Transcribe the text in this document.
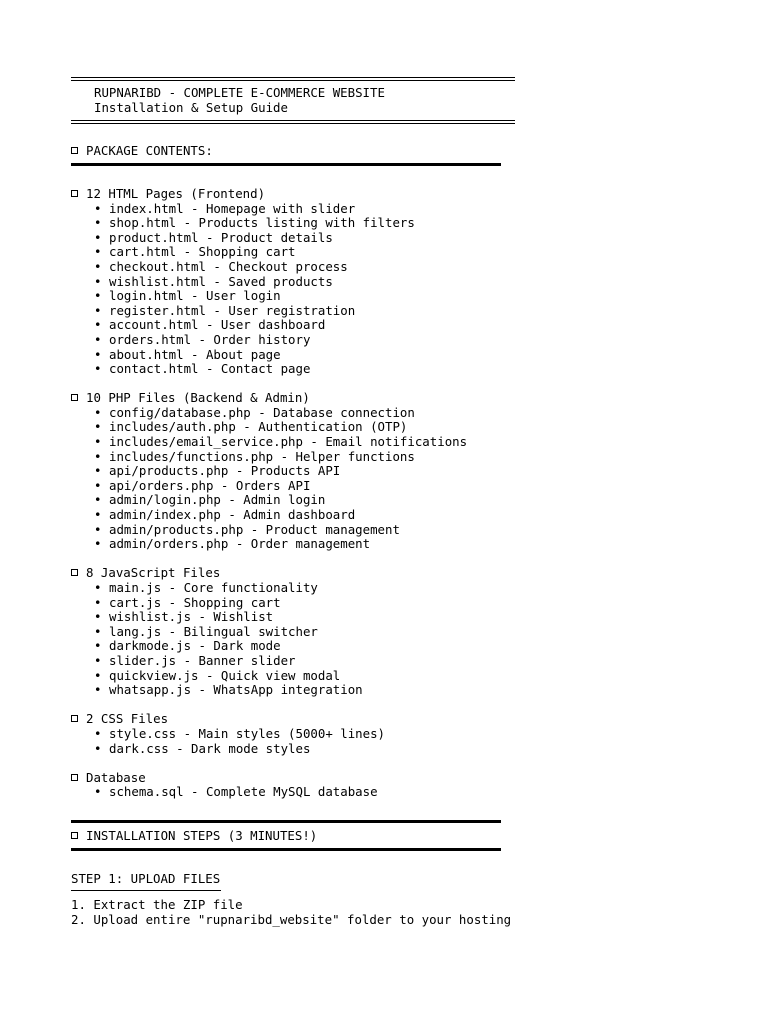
RUPNARIBD - COMPLETE E-COMMERCE WEBSITE
Installation & Setup Guide
PACKAGE CONTENTS:
12 HTML Pages (Frontend)
• index.html - Homepage with slider
• shop.html - Products listing with filters
• product.html - Product details
• cart.html - Shopping cart
• checkout.html - Checkout process
• wishlist.html - Saved products
• login.html - User login
• register.html - User registration
• account.html - User dashboard
• orders.html - Order history
• about.html - About page
• contact.html - Contact page
10 PHP Files (Backend & Admin)
• config/database.php - Database connection
• includes/auth.php - Authentication (OTP)
• includes/email_service.php - Email notifications
• includes/functions.php - Helper functions
• api/products.php - Products API
• api/orders.php - Orders API
• admin/login.php - Admin login
• admin/index.php - Admin dashboard
• admin/products.php - Product management
• admin/orders.php - Order management
8 JavaScript Files
• main.js - Core functionality
• cart.js - Shopping cart
• wishlist.js - Wishlist
• lang.js - Bilingual switcher
• darkmode.js - Dark mode
• slider.js - Banner slider
• quickview.js - Quick view modal
• whatsapp.js - WhatsApp integration
2 CSS Files
• style.css - Main styles (5000+ lines)
• dark.css - Dark mode styles
Database
• schema.sql - Complete MySQL database
INSTALLATION STEPS (3 MINUTES!)
STEP 1: UPLOAD FILES
1. Extract the ZIP file
2. Upload entire "rupnaribd_website" folder to your hosting
